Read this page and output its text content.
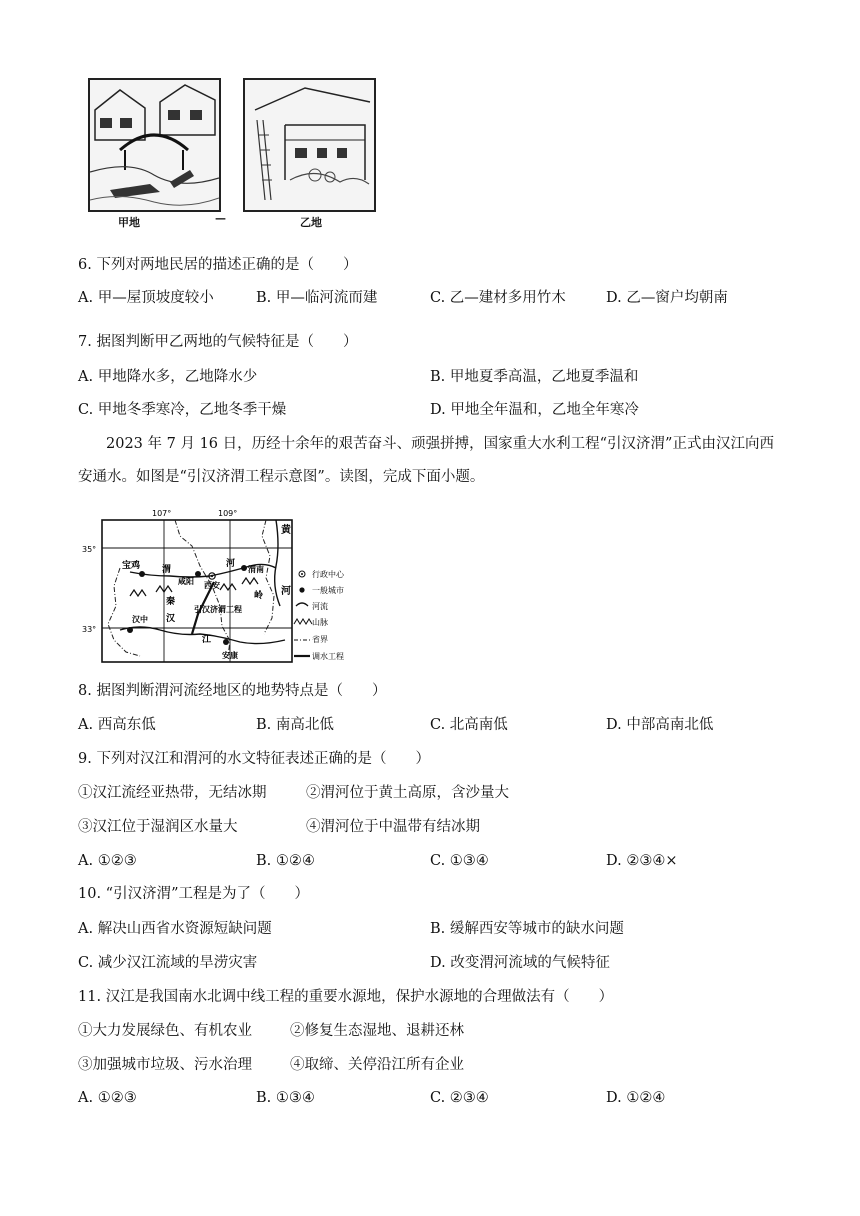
甲地	—	乙地
6. 下列对两地民居的描述正确的是（　　）
A. 甲—屋顶坡度较小	B. 甲—临河流而建	C. 乙—建材多用竹木	D. 乙—窗户均朝南
7. 据图判断甲乙两地的气候特征是（　　）
A. 甲地降水多，乙地降水少	B. 甲地夏季高温，乙地夏季温和
C. 甲地冬季寒冷，乙地冬季干燥	D. 甲地全年温和，乙地全年寒冷
2023 年 7 月 16 日，历经十余年的艰苦奋斗、顽强拼搏，国家重大水利工程“引汉济渭”正式由汉江向西
安通水。如图是“引汉济渭工程示意图”。读图，完成下面小题。
107°	109°
35°
33°
黄
河
宝鸡 渭
咸阳
河
西安
渭南
秦
岭
引汉济渭工程
汉中 汉
江
安康
行政中心
一般城市
河流
山脉
省界
调水工程
8. 据图判断渭河流经地区的地势特点是（　　）
A. 西高东低	B. 南高北低	C. 北高南低	D. 中部高南北低
9. 下列对汉江和渭河的水文特征表述正确的是（　　）
①汉江流经亚热带，无结冰期	②渭河位于黄土高原，含沙量大
③汉江位于湿润区水量大	④渭河位于中温带有结冰期
A. ①②③	B. ①②④	C. ①③④	D. ②③④×
10. “引汉济渭”工程是为了（　　）
A. 解决山西省水资源短缺问题	B. 缓解西安等城市的缺水问题
C. 减少汉江流域的旱涝灾害	D. 改变渭河流域的气候特征
11. 汉江是我国南水北调中线工程的重要水源地，保护水源地的合理做法有（　　）
①大力发展绿色、有机农业	②修复生态湿地、退耕还林
③加强城市垃圾、污水治理	④取缔、关停沿江所有企业
A. ①②③	B. ①③④	C. ②③④	D. ①②④
